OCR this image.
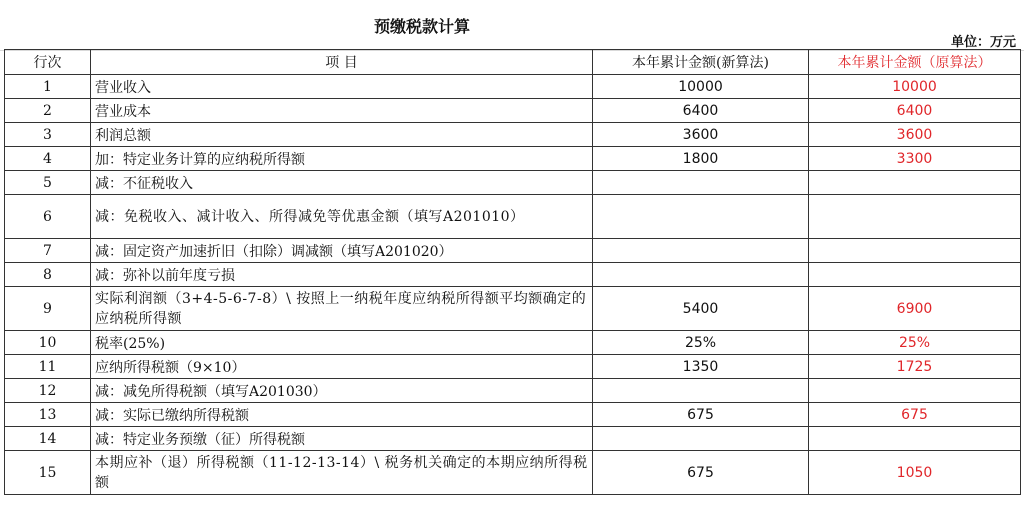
预缴税款计算
单位：万元
行次	项 目	本年累计金额(新算法)	本年累计金额（原算法）
1	营业收入	10000	10000
2	营业成本	6400	6400
3	利润总额	3600	3600
4	加：特定业务计算的应纳税所得额	1800	3300
5	减：不征税收入		
6	减：免税收入、减计收入、所得减免等优惠金额（填写A201010）		
7	减：固定资产加速折旧（扣除）调减额（填写A201020）		
8	减：弥补以前年度亏损		
9	实际利润额（3+4-5-6-7-8）\ 按照上一纳税年度应纳税所得额平均额确定的应纳税所得额	5400	6900
10	税率(25%)	25%	25%
11	应纳所得税额（9×10）	1350	1725
12	减：减免所得税额（填写A201030）		
13	减：实际已缴纳所得税额	675	675
14	减：特定业务预缴（征）所得税额		
15	本期应补（退）所得税额（11-12-13-14）\ 税务机关确定的本期应纳所得税额	675	1050
